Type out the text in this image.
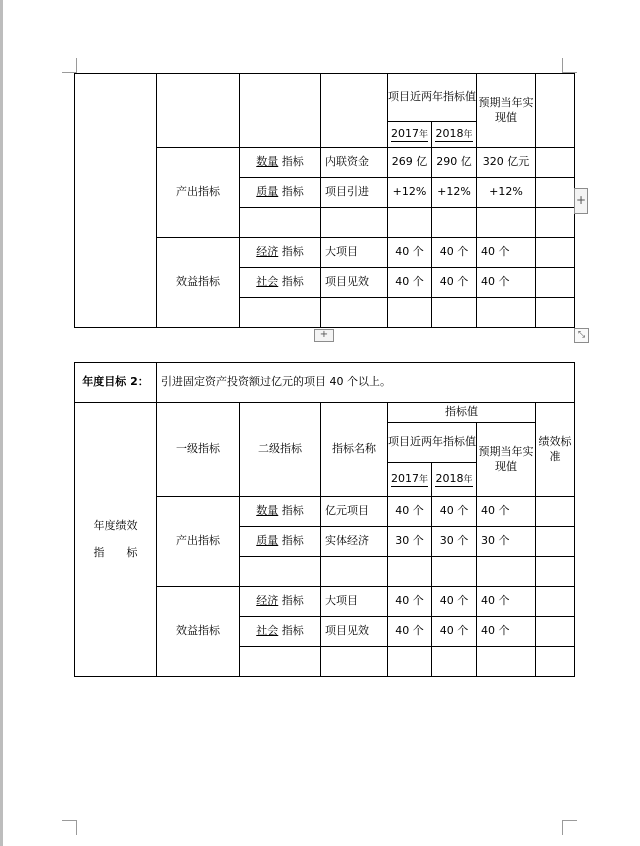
				项目近两年指标值		预期当年实现值	
				2017年	2018年		
	产出指标	数量 指标	内联资金	269 亿	290 亿	320 亿元	
		质量 指标	项目引进	+12%	+12%	+12%	

	效益指标	经济 指标	大项目	40 个	40 个	40 个	
		社会 指标	项目见效	40 个	40 个	40 个	

+
+	⤡
年度目标 2：	引进固定资产投资额过亿元的项目 40 个以上。						

年度绩效
指　　标	一级指标	二级指标	指标名称	指标值			绩效标准
				项目近两年指标值		预期当年实现值	
				2017年	2018年		
	产出指标	数量 指标	亿元项目	40 个	40 个	40 个	
		质量 指标	实体经济	30 个	30 个	30 个	

	效益指标	经济 指标	大项目	40 个	40 个	40 个	
		社会 指标	项目见效	40 个	40 个	40 个	
